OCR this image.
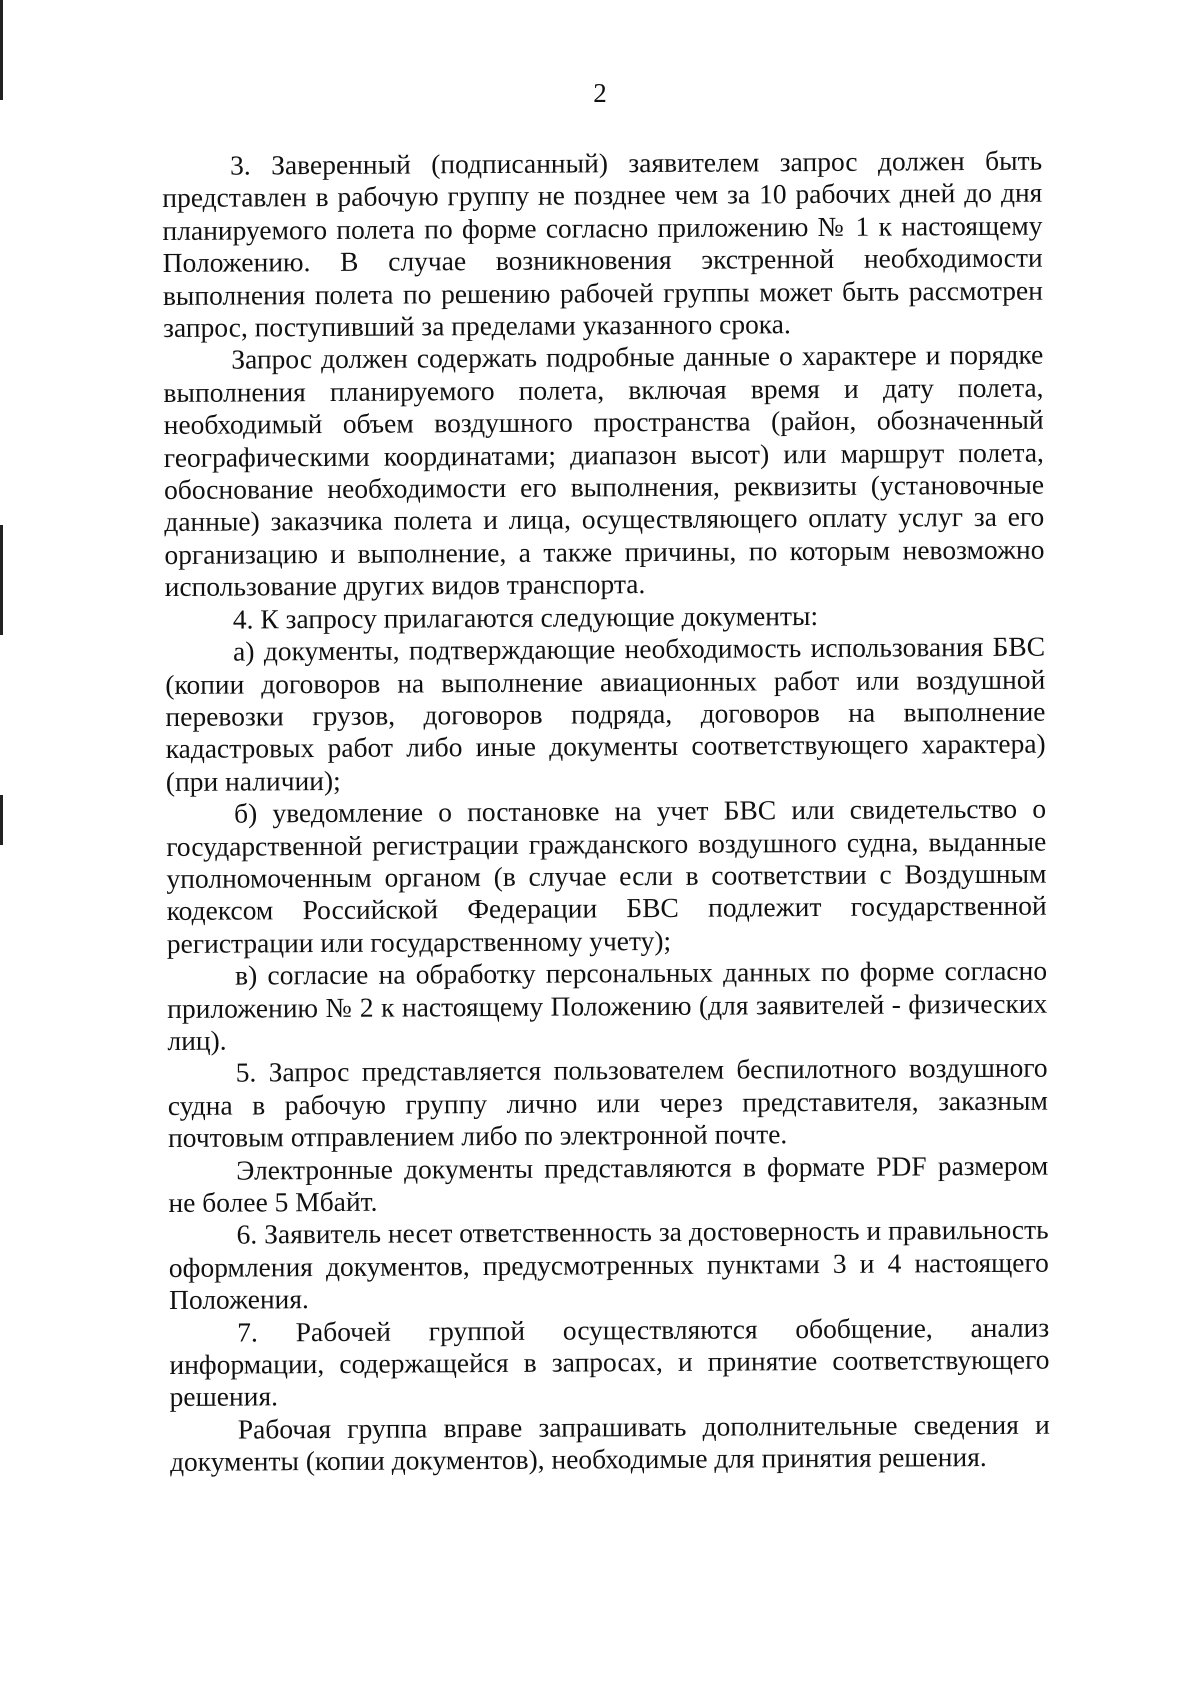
2

3. Заверенный (подписанный) заявителем запрос должен быть представлен в рабочую группу не позднее чем за 10 рабочих дней до дня планируемого полета по форме согласно приложению № 1 к настоящему Положению. В случае возникновения экстренной необходимости выполнения полета по решению рабочей группы может быть рассмотрен запрос, поступивший за пределами указанного срока.

Запрос должен содержать подробные данные о характере и порядке выполнения планируемого полета, включая время и дату полета, необходимый объем воздушного пространства (район, обозначенный географическими координатами; диапазон высот) или маршрут полета, обоснование необходимости его выполнения, реквизиты (установочные данные) заказчика полета и лица, осуществляющего оплату услуг за его организацию и выполнение, а также причины, по которым невозможно использование других видов транспорта.

4. К запросу прилагаются следующие документы:

а) документы, подтверждающие необходимость использования БВС (копии договоров на выполнение авиационных работ или воздушной перевозки грузов, договоров подряда, договоров на выполнение кадастровых работ либо иные документы соответствующего характера) (при наличии);

б) уведомление о постановке на учет БВС или свидетельство о государственной регистрации гражданского воздушного судна, выданные уполномоченным органом (в случае если в соответствии с Воздушным кодексом Российской Федерации БВС подлежит государственной регистрации или государственному учету);

в) согласие на обработку персональных данных по форме согласно приложению № 2 к настоящему Положению (для заявителей - физических лиц).

5. Запрос представляется пользователем беспилотного воздушного судна в рабочую группу лично или через представителя, заказным почтовым отправлением либо по электронной почте.

Электронные документы представляются в формате PDF размером не более 5 Мбайт.

6. Заявитель несет ответственность за достоверность и правильность оформления документов, предусмотренных пунктами 3 и 4 настоящего Положения.

7. Рабочей группой осуществляются обобщение, анализ информации, содержащейся в запросах, и принятие соответствующего решения.

Рабочая группа вправе запрашивать дополнительные сведения и документы (копии документов), необходимые для принятия решения.
